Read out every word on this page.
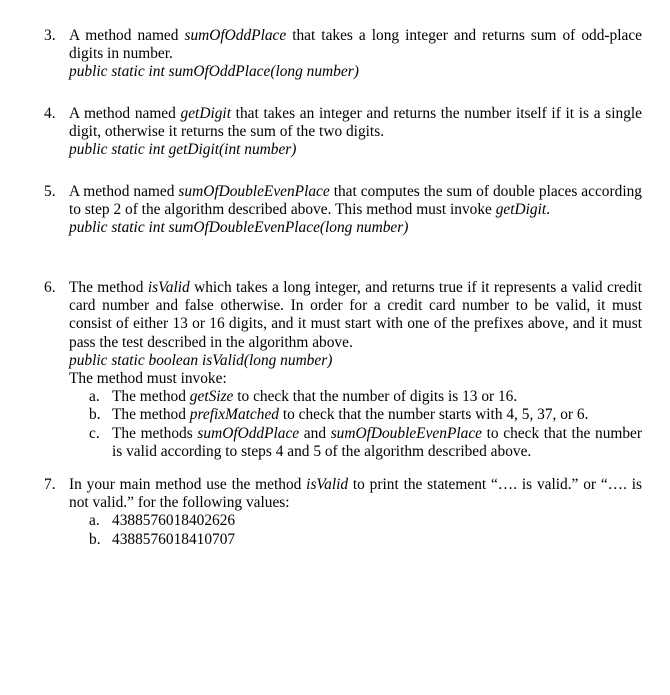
3. A method named sumOfOddPlace that takes a long integer and returns sum of odd-place digits in number.
public static int sumOfOddPlace(long number)
4. A method named getDigit that takes an integer and returns the number itself if it is a single digit, otherwise it returns the sum of the two digits.
public static int getDigit(int number)
5. A method named sumOfDoubleEvenPlace that computes the sum of double places according to step 2 of the algorithm described above. This method must invoke getDigit.
public static int sumOfDoubleEvenPlace(long number)
6. The method isValid which takes a long integer, and returns true if it represents a valid credit card number and false otherwise. In order for a credit card number to be valid, it must consist of either 13 or 16 digits, and it must start with one of the prefixes above, and it must pass the test described in the algorithm above.
public static boolean isValid(long number)
The method must invoke:
a. The method getSize to check that the number of digits is 13 or 16.
b. The method prefixMatched to check that the number starts with 4, 5, 37, or 6.
c. The methods sumOfOddPlace and sumOfDoubleEvenPlace to check that the number is valid according to steps 4 and 5 of the algorithm described above.
7. In your main method use the method isValid to print the statement “…. is valid.” or “…. is not valid.” for the following values:
a. 4388576018402626
b. 4388576018410707
